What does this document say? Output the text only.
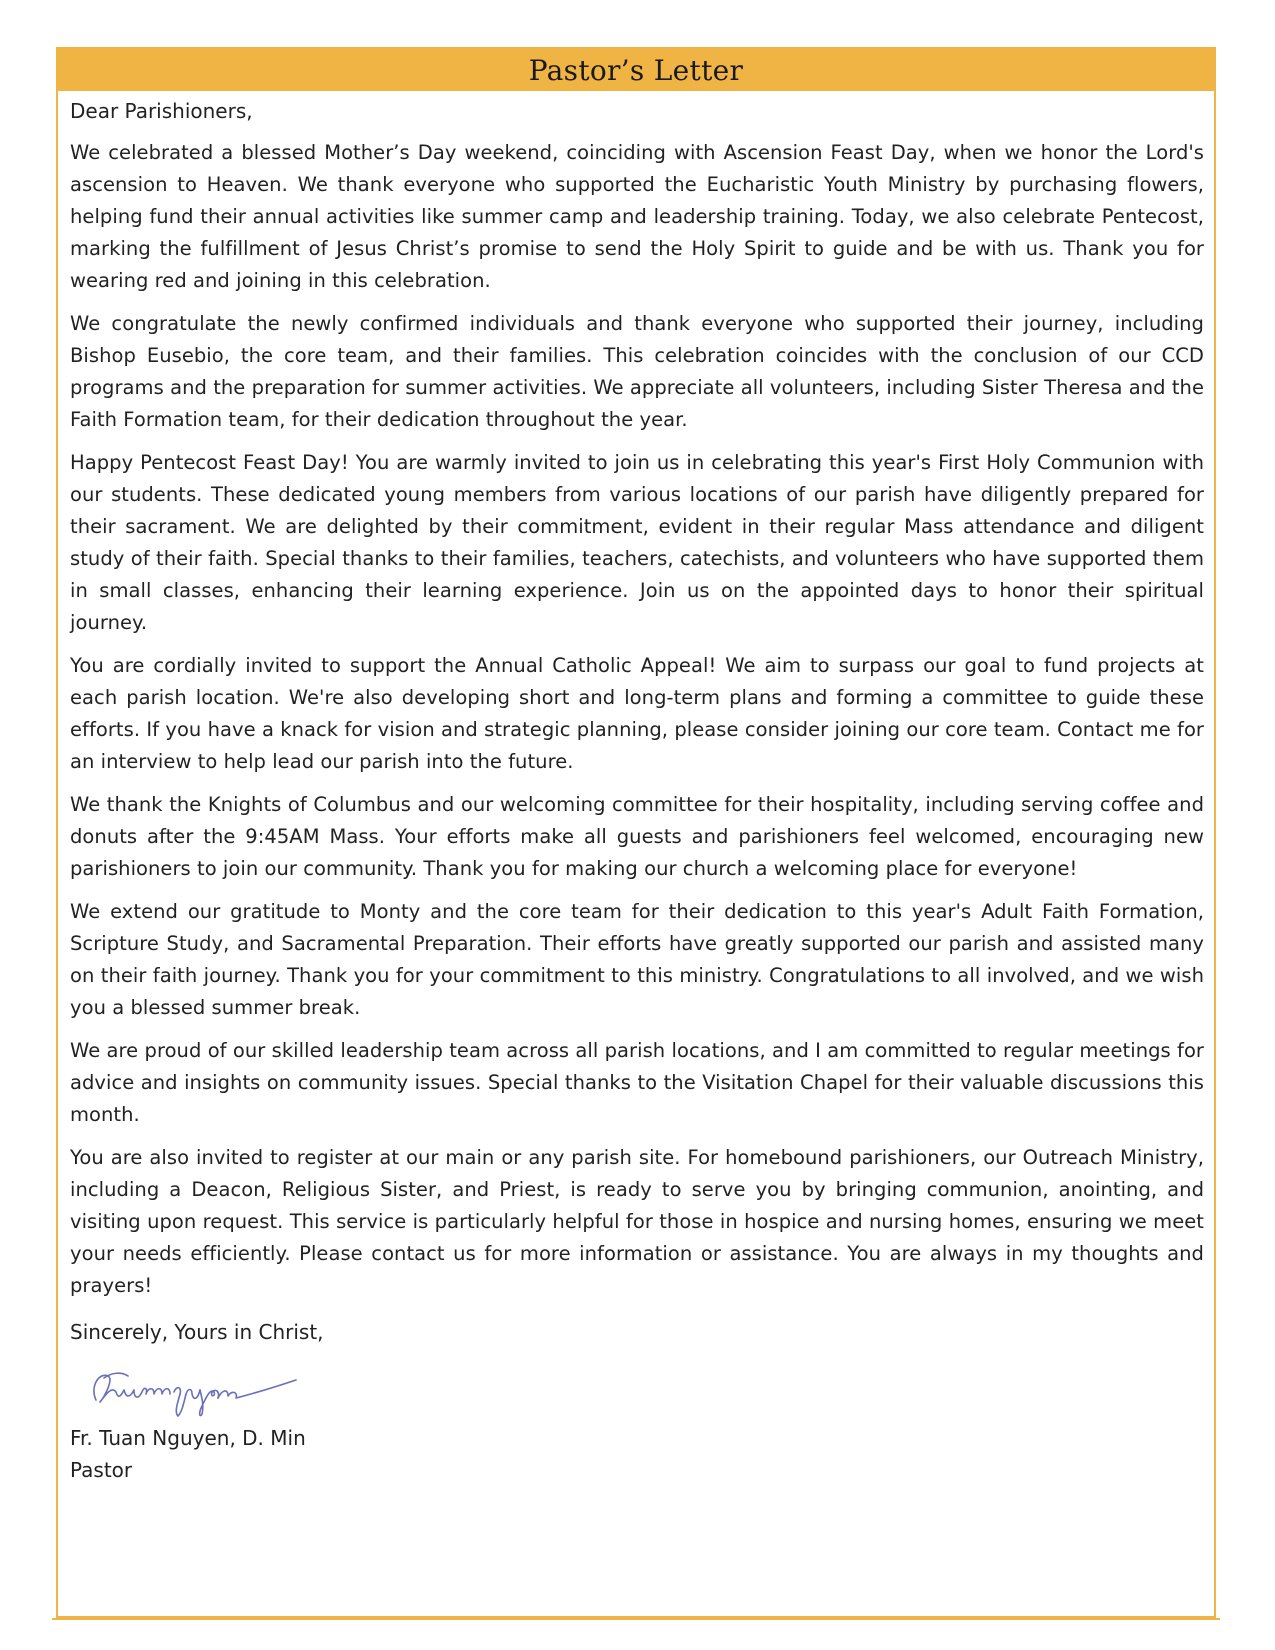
Pastor’s Letter

Dear Parishioners,

We celebrated a blessed Mother’s Day weekend, coinciding with Ascension Feast Day, when we honor the Lord's ascension to Heaven. We thank everyone who supported the Eucharistic Youth Ministry by purchasing flowers, helping fund their annual activities like summer camp and leadership training. Today, we also celebrate Pentecost, marking the fulfillment of Jesus Christ’s promise to send the Holy Spirit to guide and be with us. Thank you for wearing red and joining in this celebration.

We congratulate the newly confirmed individuals and thank everyone who supported their journey, including Bishop Eusebio, the core team, and their families. This celebration coincides with the conclusion of our CCD programs and the preparation for summer activities. We appreciate all volunteers, including Sister Theresa and the Faith Formation team, for their dedication throughout the year.

Happy Pentecost Feast Day! You are warmly invited to join us in celebrating this year's First Holy Communion with our students. These dedicated young members from various locations of our parish have diligently prepared for their sacrament. We are delighted by their commitment, evident in their regular Mass attendance and diligent study of their faith. Special thanks to their families, teachers, catechists, and volunteers who have supported them in small classes, enhancing their learning experience. Join us on the appointed days to honor their spiritual journey.

You are cordially invited to support the Annual Catholic Appeal! We aim to surpass our goal to fund projects at each parish location. We're also developing short and long-term plans and forming a committee to guide these efforts. If you have a knack for vision and strategic planning, please consider joining our core team. Contact me for an interview to help lead our parish into the future.

We thank the Knights of Columbus and our welcoming committee for their hospitality, including serving coffee and donuts after the 9:45AM Mass. Your efforts make all guests and parishioners feel welcomed, encouraging new parishioners to join our community. Thank you for making our church a welcoming place for everyone!

We extend our gratitude to Monty and the core team for their dedication to this year's Adult Faith Formation, Scripture Study, and Sacramental Preparation. Their efforts have greatly supported our parish and assisted many on their faith journey. Thank you for your commitment to this ministry. Congratulations to all involved, and we wish you a blessed summer break.

We are proud of our skilled leadership team across all parish locations, and I am committed to regular meetings for advice and insights on community issues. Special thanks to the Visitation Chapel for their valuable discussions this month.

You are also invited to register at our main or any parish site. For homebound parishioners, our Outreach Ministry, including a Deacon, Religious Sister, and Priest, is ready to serve you by bringing communion, anointing, and visiting upon request. This service is particularly helpful for those in hospice and nursing homes, ensuring we meet your needs efficiently. Please contact us for more information or assistance. You are always in my thoughts and prayers!

Sincerely, Yours in Christ,

Fr. Tuan Nguyen, D. Min

Pastor
